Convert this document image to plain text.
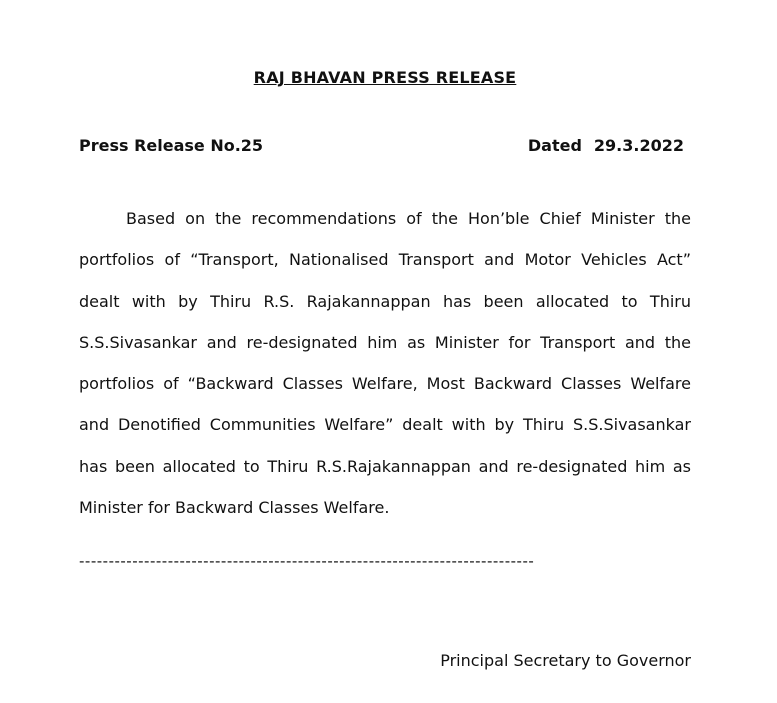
RAJ BHAVAN PRESS RELEASE
Press Release No.25	Dated 29.3.2022

Based on the recommendations of the Hon’ble Chief Minister the portfolios of “Transport, Nationalised Transport and Motor Vehicles Act” dealt with by Thiru R.S. Rajakannappan has been allocated to Thiru S.S.Sivasankar and re-designated him as Minister for Transport and the portfolios of “Backward Classes Welfare, Most Backward Classes Welfare and Denotified Communities Welfare” dealt with by Thiru S.S.Sivasankar has been allocated to Thiru R.S.Rajakannappan and re-designated him as Minister for Backward Classes Welfare.

-----------------------------------------------------------------------------
Principal Secretary to Governor
